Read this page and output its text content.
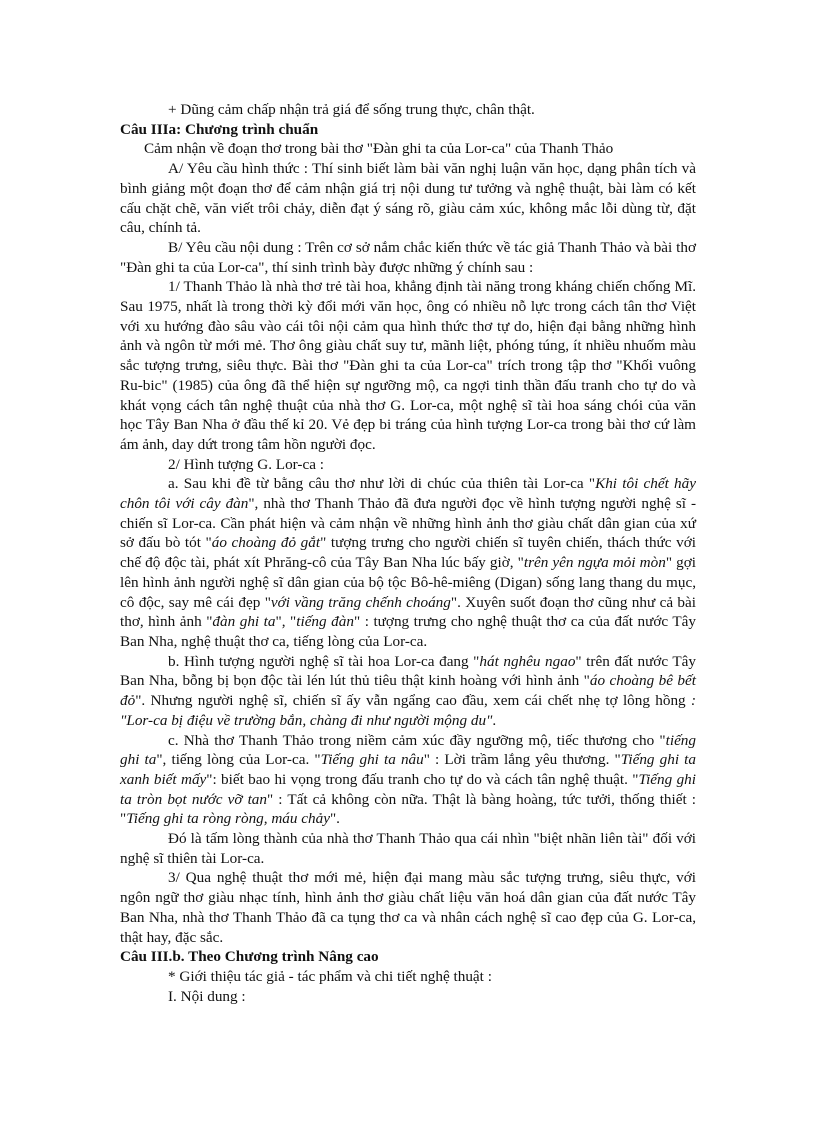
+ Dũng cảm chấp nhận trả giá để sống trung thực, chân thật.

Câu IIIa: Chương trình chuẩn

Cảm nhận về đoạn thơ trong bài thơ "Đàn ghi ta của Lor-ca" của Thanh Thảo

A/ Yêu cầu hình thức : Thí sinh biết làm bài văn nghị luận văn học, dạng phân tích và bình giảng một đoạn thơ để cảm nhận giá trị nội dung tư tưởng và nghệ thuật, bài làm có kết cấu chặt chẽ, văn viết trôi chảy, diễn đạt ý sáng rõ, giàu cảm xúc, không mắc lỗi dùng từ, đặt câu, chính tả.

B/ Yêu cầu nội dung : Trên cơ sở nắm chắc kiến thức về tác giả Thanh Thảo và bài thơ "Đàn ghi ta của Lor-ca", thí sinh trình bày được những ý chính sau :

1/ Thanh Thảo là nhà thơ trẻ tài hoa, khẳng định tài năng trong kháng chiến chống Mĩ. Sau 1975, nhất là trong thời kỳ đổi mới văn học, ông có nhiều nỗ lực trong cách tân thơ Việt với xu hướng đào sâu vào cái tôi nội cảm qua hình thức thơ tự do, hiện đại bằng những hình ảnh và ngôn từ mới mẻ. Thơ ông giàu chất suy tư, mãnh liệt, phóng túng, ít nhiều nhuốm màu sắc tượng trưng, siêu thực. Bài thơ "Đàn ghi ta của Lor-ca" trích trong tập thơ "Khối vuông Ru-bic" (1985) của ông đã thể hiện sự ngưỡng mộ, ca ngợi tinh thần đấu tranh cho tự do và khát vọng cách tân nghệ thuật của nhà thơ G. Lor-ca, một nghệ sĩ tài hoa sáng chói của văn học Tây Ban Nha ở đầu thế kỉ 20. Vẻ đẹp bi tráng của hình tượng Lor-ca trong bài thơ cứ làm ám ảnh, day dứt trong tâm hồn người đọc.

2/ Hình tượng G. Lor-ca :

a. Sau khi đề từ bằng câu thơ như lời di chúc của thiên tài Lor-ca "Khi tôi chết hãy chôn tôi với cây đàn", nhà thơ Thanh Thảo đã đưa người đọc về hình tượng người nghệ sĩ - chiến sĩ Lor-ca. Cần phát hiện và cảm nhận về những hình ảnh thơ giàu chất dân gian của xứ sở đấu bò tót "áo choàng đỏ gắt" tượng trưng cho người chiến sĩ tuyên chiến, thách thức với chế độ độc tài, phát xít Phrăng-cô của Tây Ban Nha lúc bấy giờ, "trên yên ngựa mỏi mòn" gợi lên hình ảnh người nghệ sĩ dân gian của bộ tộc Bô-hê-miêng (Digan) sống lang thang du mục, cô độc, say mê cái đẹp "với vầng trăng chếnh choáng". Xuyên suốt đoạn thơ cũng như cả bài thơ, hình ảnh "đàn ghi ta", "tiếng đàn" : tượng trưng cho nghệ thuật thơ ca của đất nước Tây Ban Nha, nghệ thuật thơ ca, tiếng lòng của Lor-ca.

b. Hình tượng người nghệ sĩ tài hoa Lor-ca đang "hát nghêu ngao" trên đất nước Tây Ban Nha, bỗng bị bọn độc tài lén lút thủ tiêu thật kinh hoàng với hình ảnh "áo choàng bê bết đỏ". Nhưng người nghệ sĩ, chiến sĩ ấy vẫn ngẩng cao đầu, xem cái chết nhẹ tợ lông hồng : "Lor-ca bị điệu về trường bắn, chàng đi như người mộng du".

c. Nhà thơ Thanh Thảo trong niềm cảm xúc đầy ngưỡng mộ, tiếc thương cho "tiếng ghi ta", tiếng lòng của Lor-ca. "Tiếng ghi ta nâu" : Lời trầm lắng yêu thương. "Tiếng ghi ta xanh biết mấy": biết bao hi vọng trong đấu tranh cho tự do và cách tân nghệ thuật. "Tiếng ghi ta tròn bọt nước vỡ tan" : Tất cả không còn nữa. Thật là bàng hoàng, tức tưởi, thống thiết : "Tiếng ghi ta ròng ròng, máu chảy".

Đó là tấm lòng thành của nhà thơ Thanh Thảo qua cái nhìn "biệt nhãn liên tài" đối với nghệ sĩ thiên tài Lor-ca.

3/ Qua nghệ thuật thơ mới mẻ, hiện đại mang màu sắc tượng trưng, siêu thực, với ngôn ngữ thơ giàu nhạc tính, hình ảnh thơ giàu chất liệu văn hoá dân gian của đất nước Tây Ban Nha, nhà thơ Thanh Thảo đã ca tụng thơ ca và nhân cách nghệ sĩ cao đẹp của G. Lor-ca, thật hay, đặc sắc.

Câu III.b. Theo Chương trình Nâng cao

* Giới thiệu tác giả - tác phẩm và chi tiết nghệ thuật :

I. Nội dung :
